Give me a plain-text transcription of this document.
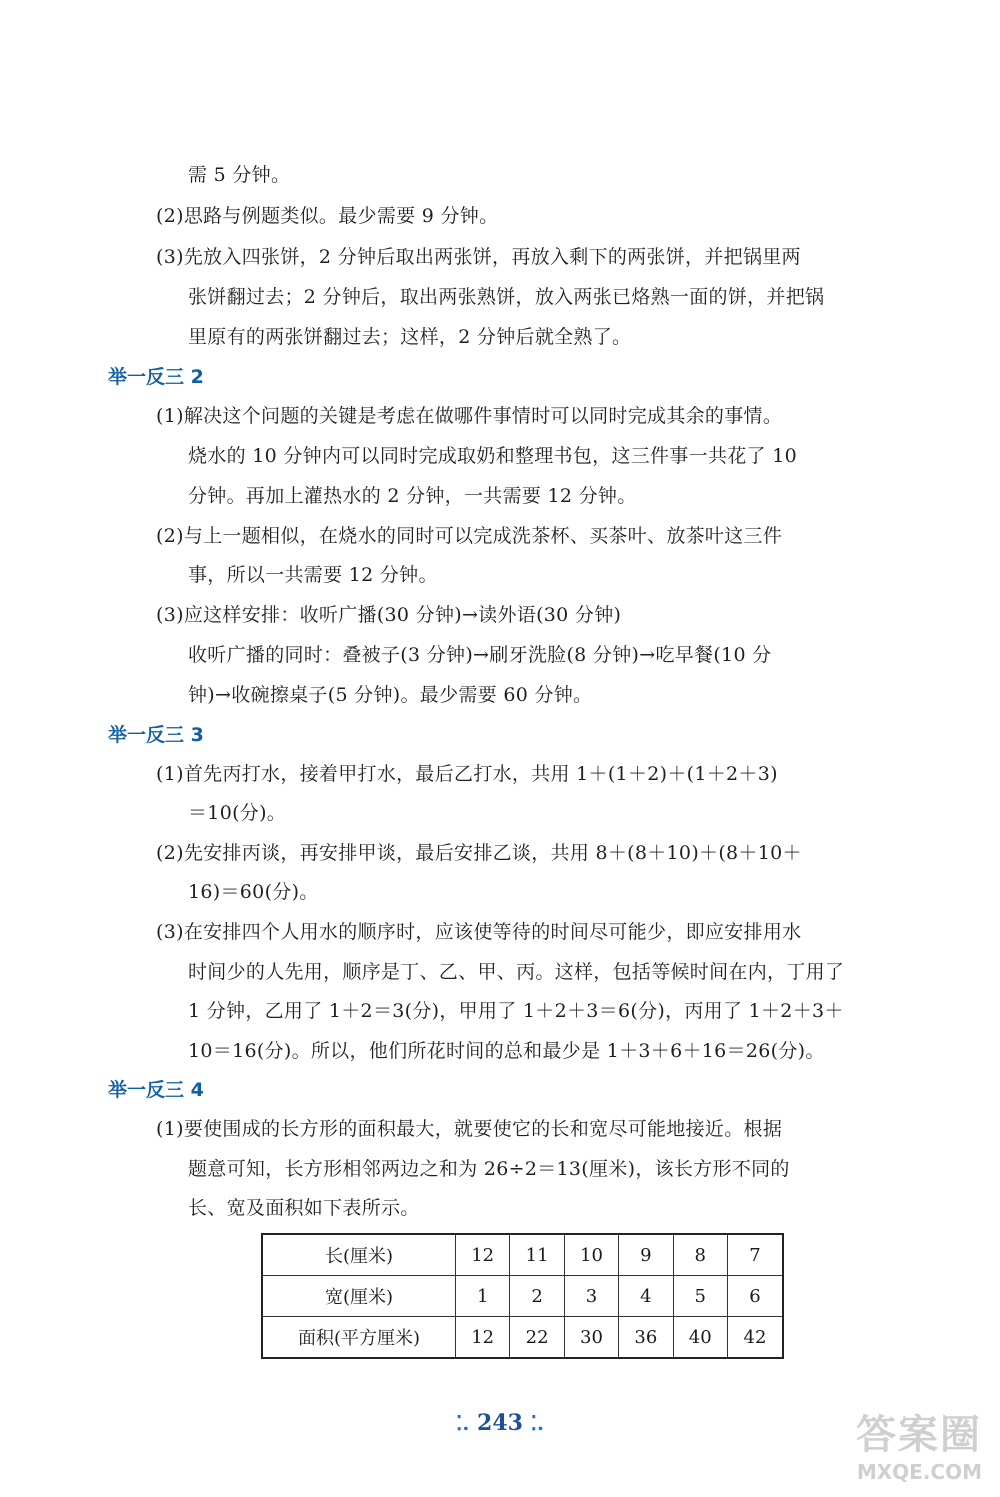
需 5 分钟。
(2)思路与例题类似。最少需要 9 分钟。
(3)先放入四张饼，2 分钟后取出两张饼，再放入剩下的两张饼，并把锅里两
张饼翻过去；2 分钟后，取出两张熟饼，放入两张已烙熟一面的饼，并把锅
里原有的两张饼翻过去；这样，2 分钟后就全熟了。
举一反三 2
(1)解决这个问题的关键是考虑在做哪件事情时可以同时完成其余的事情。
烧水的 10 分钟内可以同时完成取奶和整理书包，这三件事一共花了 10
分钟。再加上灌热水的 2 分钟，一共需要 12 分钟。
(2)与上一题相似，在烧水的同时可以完成洗茶杯、买茶叶、放茶叶这三件
事，所以一共需要 12 分钟。
(3)应这样安排：收听广播(30 分钟)→读外语(30 分钟)
收听广播的同时：叠被子(3 分钟)→刷牙洗脸(8 分钟)→吃早餐(10 分
钟)→收碗擦桌子(5 分钟)。最少需要 60 分钟。
举一反三 3
(1)首先丙打水，接着甲打水，最后乙打水，共用 1＋(1＋2)＋(1＋2＋3)
＝10(分)。
(2)先安排丙谈，再安排甲谈，最后安排乙谈，共用 8＋(8＋10)＋(8＋10＋
16)＝60(分)。
(3)在安排四个人用水的顺序时，应该使等待的时间尽可能少，即应安排用水
时间少的人先用，顺序是丁、乙、甲、丙。这样，包括等候时间在内，丁用了
1 分钟，乙用了 1＋2＝3(分)，甲用了 1＋2＋3＝6(分)，丙用了 1＋2＋3＋
10＝16(分)。所以，他们所花时间的总和最少是 1＋3＋6＋16＝26(分)。
举一反三 4
(1)要使围成的长方形的面积最大，就要使它的长和宽尽可能地接近。根据
题意可知，长方形相邻两边之和为 26÷2＝13(厘米)，该长方形不同的
长、宽及面积如下表所示。
长(厘米)	12	11	10	9	8	7
宽(厘米)	1	2	3	4	5	6
面积(平方厘米)	12	22	30	36	40	42
⁚. 243 ⁚.	答案圈
MXQE.COM
